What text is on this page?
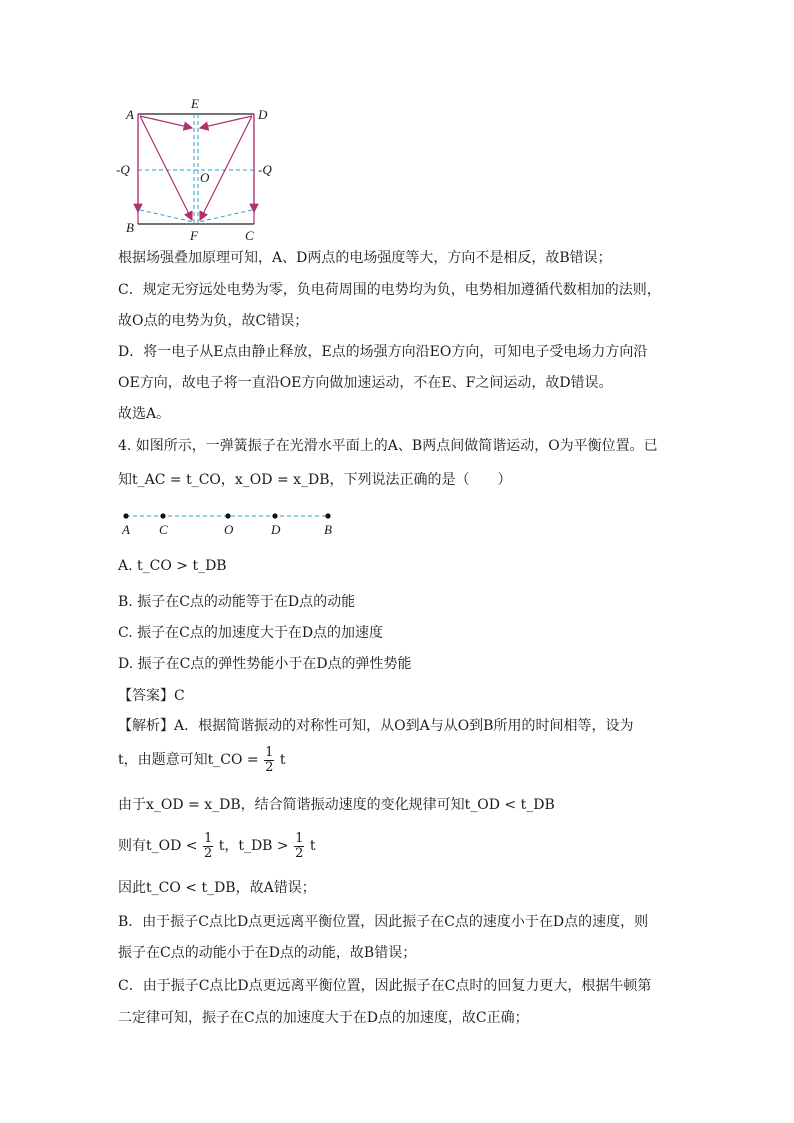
A
E
D
-Q
O
-Q
B
F	C
根据场强叠加原理可知，A、D两点的电场强度等大，方向不是相反，故B错误；
C．规定无穷远处电势为零，负电荷周围的电势均为负，电势相加遵循代数相加的法则，
故O点的电势为负，故C错误；
D．将一电子从E点由静止释放，E点的场强方向沿EO方向，可知电子受电场力方向沿
OE方向，故电子将一直沿OE方向做加速运动，不在E、F之间运动，故D错误。
故选A。
4. 如图所示，一弹簧振子在光滑水平面上的A、B两点间做简谐运动，O为平衡位置。已
知t_AC = t_CO，x_OD = x_DB，下列说法正确的是（　　）
A C	O	D	B
A. t_CO > t_DB
B. 振子在C点的动能等于在D点的动能
C. 振子在C点的加速度大于在D点的加速度
D. 振子在C点的弹性势能小于在D点的弹性势能
【答案】C
【解析】A．根据简谐振动的对称性可知，从O到A与从O到B所用的时间相等，设为
t，由题意可知t_CO = $\frac{1}{2}$ t
由于x_OD = x_DB，结合简谐振动速度的变化规律可知t_OD < t_DB
则有t_OD < $\frac{1}{2}$ t，t_DB > $\frac{1}{2}$ t
因此t_CO < t_DB，故A错误；
B．由于振子C点比D点更远离平衡位置，因此振子在C点的速度小于在D点的速度，则
振子在C点的动能小于在D点的动能，故B错误；
C．由于振子C点比D点更远离平衡位置，因此振子在C点时的回复力更大，根据牛顿第
二定律可知，振子在C点的加速度大于在D点的加速度，故C正确；
